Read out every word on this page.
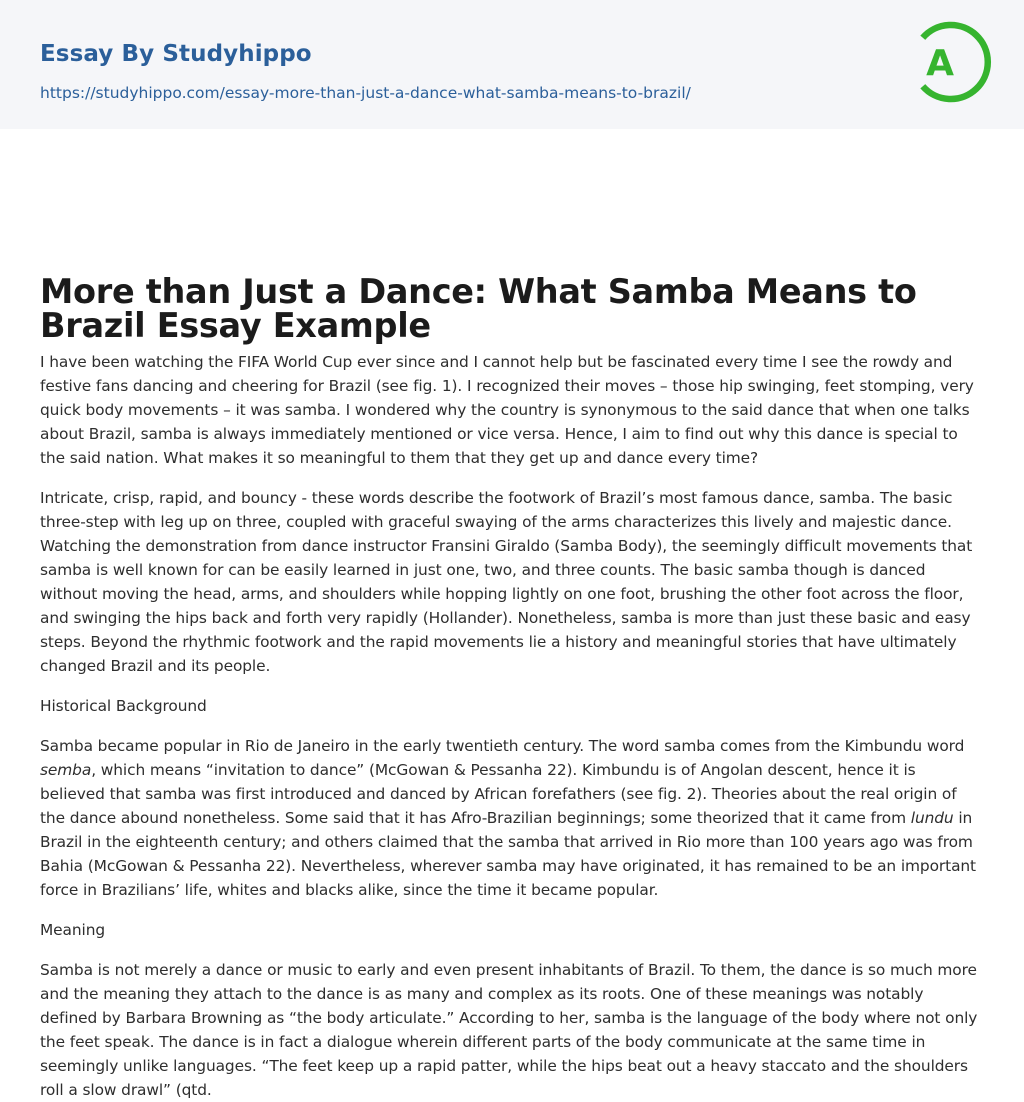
Essay By Studyhippo
https://studyhippo.com/essay-more-than-just-a-dance-what-samba-means-to-brazil/
A
More than Just a Dance: What Samba Means to Brazil Essay Example

I have been watching the FIFA World Cup ever since and I cannot help but be fascinated every time I see the rowdy and festive fans dancing and cheering for Brazil (see fig. 1). I recognized their moves – those hip swinging, feet stomping, very quick body movements – it was samba. I wondered why the country is synonymous to the said dance that when one talks about Brazil, samba is always immediately mentioned or vice versa. Hence, I aim to find out why this dance is special to the said nation. What makes it so meaningful to them that they get up and dance every time?

Intricate, crisp, rapid, and bouncy - these words describe the footwork of Brazil’s most famous dance, samba. The basic three-step with leg up on three, coupled with graceful swaying of the arms characterizes this lively and majestic dance. Watching the demonstration from dance instructor Fransini Giraldo (Samba Body), the seemingly difficult movements that samba is well known for can be easily learned in just one, two, and three counts. The basic samba though is danced without moving the head, arms, and shoulders while hopping lightly on one foot, brushing the other foot across the floor, and swinging the hips back and forth very rapidly (Hollander). Nonetheless, samba is more than just these basic and easy steps. Beyond the rhythmic footwork and the rapid movements lie a history and meaningful stories that have ultimately changed Brazil and its people.

Historical Background

Samba became popular in Rio de Janeiro in the early twentieth century. The word samba comes from the Kimbundu word semba, which means “invitation to dance” (McGowan & Pessanha 22). Kimbundu is of Angolan descent, hence it is believed that samba was first introduced and danced by African forefathers (see fig. 2). Theories about the real origin of the dance abound nonetheless. Some said that it has Afro-Brazilian beginnings; some theorized that it came from lundu in Brazil in the eighteenth century; and others claimed that the samba that arrived in Rio more than 100 years ago was from Bahia (McGowan & Pessanha 22). Nevertheless, wherever samba may have originated, it has remained to be an important force in Brazilians’ life, whites and blacks alike, since the time it became popular.

Meaning

Samba is not merely a dance or music to early and even present inhabitants of Brazil. To them, the dance is so much more and the meaning they attach to the dance is as many and complex as its roots. One of these meanings was notably defined by Barbara Browning as “the body articulate.” According to her, samba is the language of the body where not only the feet speak. The dance is in fact a dialogue wherein different parts of the body communicate at the same time in seemingly unlike languages. “The feet keep up a rapid patter, while the hips beat out a heavy staccato and the shoulders roll a slow drawl” (qtd.
